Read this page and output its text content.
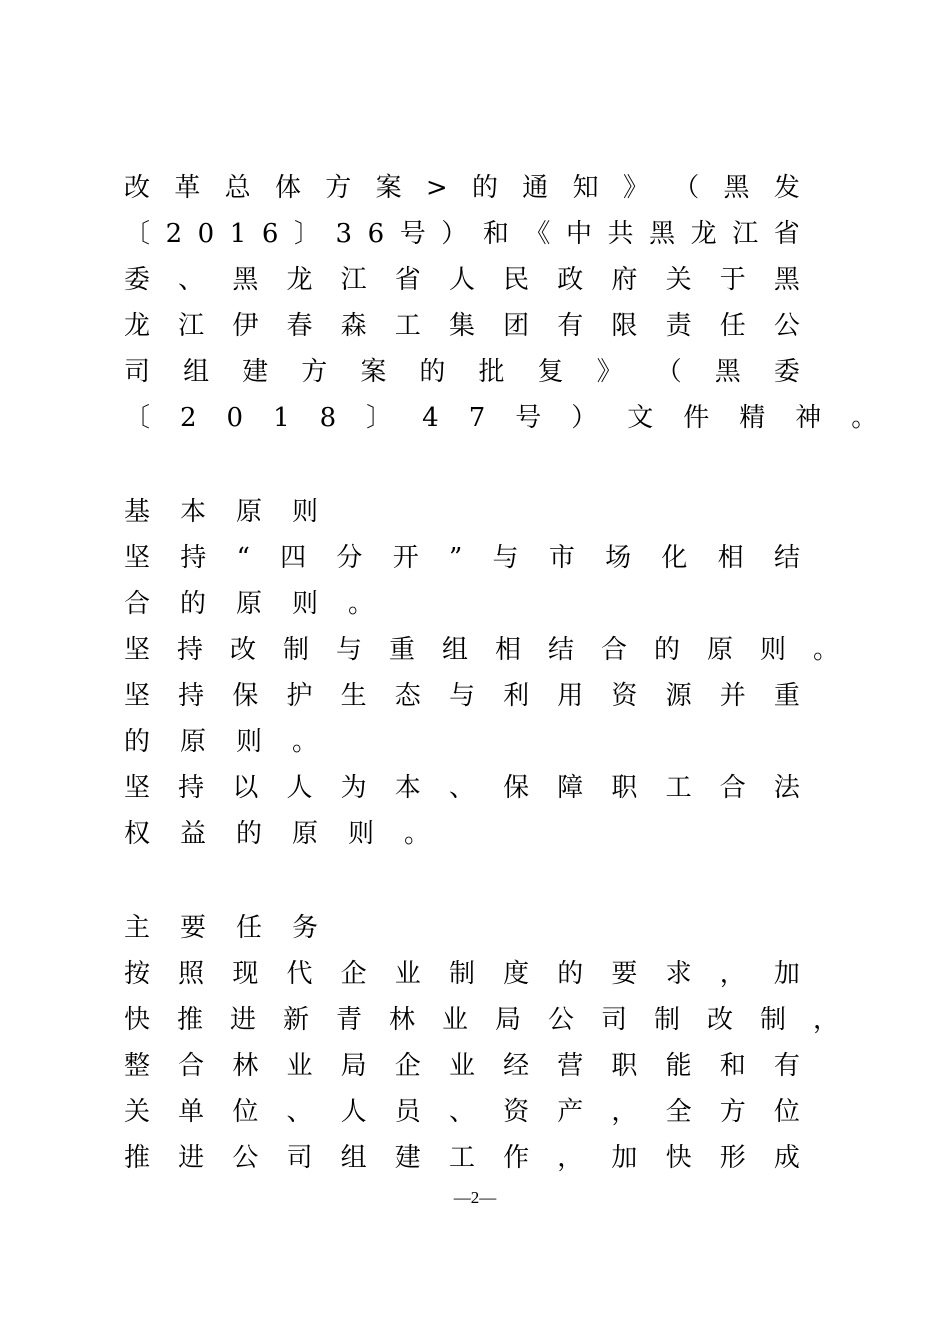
改 革 总 体 方 案 > 的 通 知 》 （ 黑 发
〔 2 0 1 6 〕 3 6 号 ） 和 《 中 共 黑 龙 江 省
委 、 黑 龙 江 省 人 民 政 府 关 于 黑
龙 江 伊 春 森 工 集 团 有 限 责 任 公
司 组 建 方 案 的 批 复 》 （ 黑 委
〔2018〕47号）文件精神。
基本原则
坚 持 “ 四 分 开 ” 与 市 场 化 相 结
合的原则。
坚持改制与重组相结合的原则。
坚 持 保 护 生 态 与 利 用 资 源 并 重
的原则。
坚 持 以 人 为 本 、 保 障 职 工 合 法
权益的原则。
主要任务
按 照 现 代 企 业 制 度 的 要 求 ， 加
快推进新青林业局公司制改制，
整 合 林 业 局 企 业 经 营 职 能 和 有
关 单 位 、 人 员 、 资 产 ， 全 方 位
推 进 公 司 组 建 工 作 ， 加 快 形 成
—2—
